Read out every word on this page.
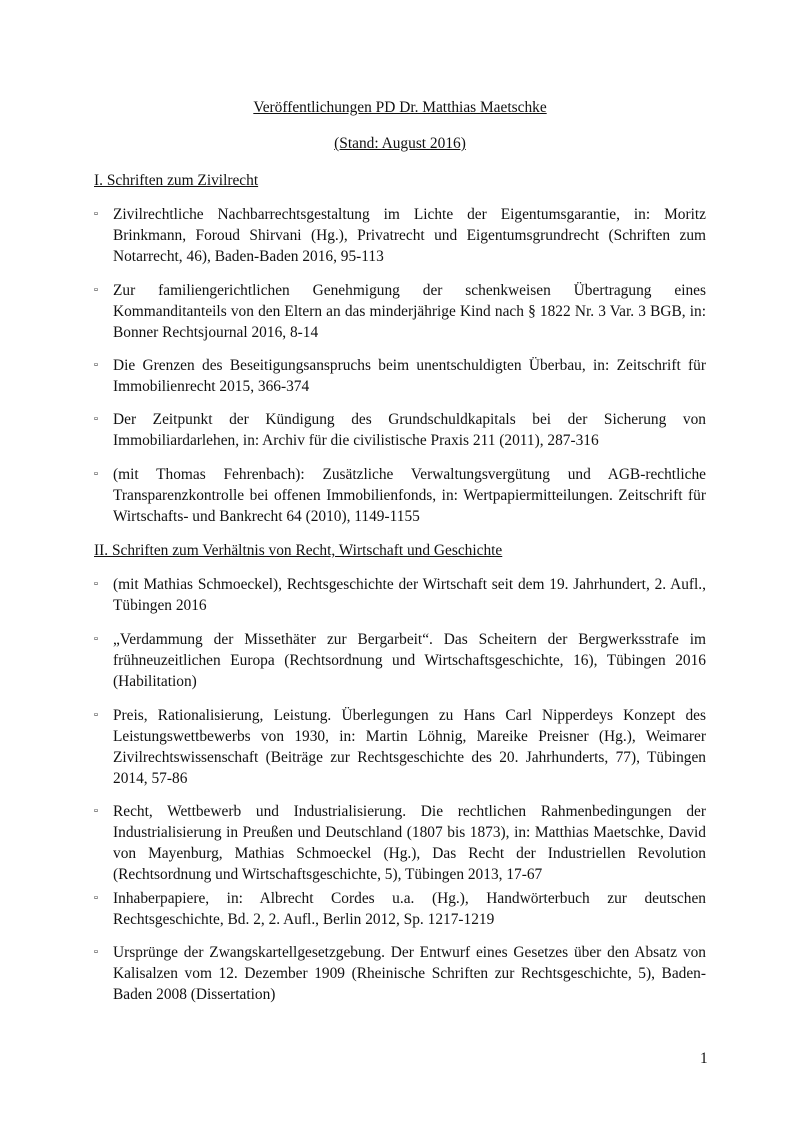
Veröffentlichungen PD Dr. Matthias Maetschke
(Stand: August 2016)
I. Schriften zum Zivilrecht
▫ Zivilrechtliche Nachbarrechtsgestaltung im Lichte der Eigentumsgarantie, in: Moritz Brinkmann, Foroud Shirvani (Hg.), Privatrecht und Eigentumsgrundrecht (Schriften zum Notarrecht, 46), Baden-Baden 2016, 95-113
▫ Zur familiengerichtlichen Genehmigung der schenkweisen Übertragung eines Kommanditanteils von den Eltern an das minderjährige Kind nach § 1822 Nr. 3 Var. 3 BGB, in: Bonner Rechtsjournal 2016, 8-14
▫ Die Grenzen des Beseitigungsanspruchs beim unentschuldigten Überbau, in: Zeitschrift für Immobilienrecht 2015, 366-374
▫ Der Zeitpunkt der Kündigung des Grundschuldkapitals bei der Sicherung von Immobiliardarlehen, in: Archiv für die civilistische Praxis 211 (2011), 287-316
▫ (mit Thomas Fehrenbach): Zusätzliche Verwaltungsvergütung und AGB-rechtliche Transparenzkontrolle bei offenen Immobilienfonds, in: Wertpapiermitteilungen. Zeitschrift für Wirtschafts- und Bankrecht 64 (2010), 1149-1155
II. Schriften zum Verhältnis von Recht, Wirtschaft und Geschichte
▫ (mit Mathias Schmoeckel), Rechtsgeschichte der Wirtschaft seit dem 19. Jahrhundert, 2. Aufl., Tübingen 2016
▫ „Verdammung der Missethäter zur Bergarbeit“. Das Scheitern der Bergwerksstrafe im frühneuzeitlichen Europa (Rechtsordnung und Wirtschaftsgeschichte, 16), Tübingen 2016 (Habilitation)
▫ Preis, Rationalisierung, Leistung. Überlegungen zu Hans Carl Nipperdeys Konzept des Leistungswettbewerbs von 1930, in: Martin Löhnig, Mareike Preisner (Hg.), Weimarer Zivilrechtswissenschaft (Beiträge zur Rechtsgeschichte des 20. Jahrhunderts, 77), Tübingen 2014, 57-86
▫ Recht, Wettbewerb und Industrialisierung. Die rechtlichen Rahmenbedingungen der Industrialisierung in Preußen und Deutschland (1807 bis 1873), in: Matthias Maetschke, David von Mayenburg, Mathias Schmoeckel (Hg.), Das Recht der Industriellen Revolution (Rechtsordnung und Wirtschaftsgeschichte, 5), Tübingen 2013, 17-67
▫ Inhaberpapiere, in: Albrecht Cordes u.a. (Hg.), Handwörterbuch zur deutschen Rechtsgeschichte, Bd. 2, 2. Aufl., Berlin 2012, Sp. 1217-1219
▫ Ursprünge der Zwangskartellgesetzgebung. Der Entwurf eines Gesetzes über den Absatz von Kalisalzen vom 12. Dezember 1909 (Rheinische Schriften zur Rechtsgeschichte, 5), Baden-Baden 2008 (Dissertation)
1
